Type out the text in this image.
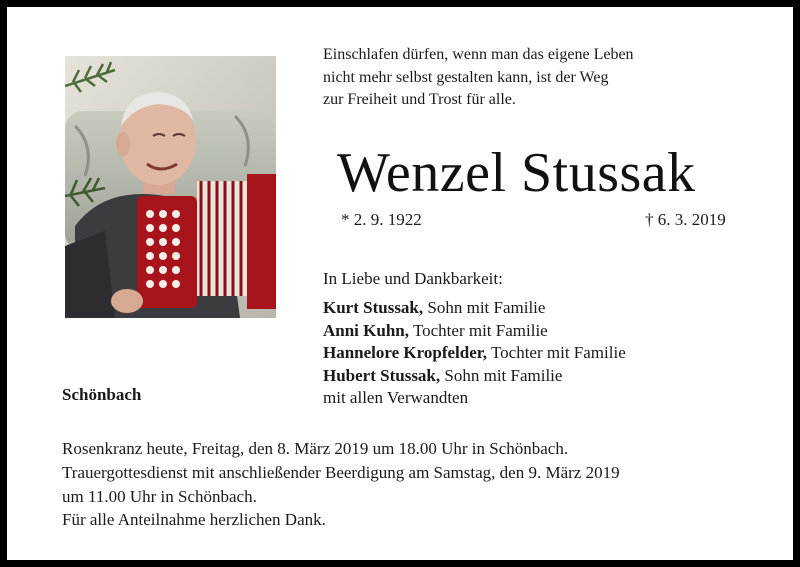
Einschlafen dürfen, wenn man das eigene Leben
nicht mehr selbst gestalten kann, ist der Weg
zur Freiheit und Trost für alle.
Wenzel Stussak
* 2. 9. 1922	† 6. 3. 2019
In Liebe und Dankbarkeit:
Kurt Stussak, Sohn mit Familie
Anni Kuhn, Tochter mit Familie
Hannelore Kropfelder, Tochter mit Familie
Hubert Stussak, Sohn mit Familie
mit allen Verwandten
Schönbach
Rosenkranz heute, Freitag, den 8. März 2019 um 18.00 Uhr in Schönbach.
Trauergottesdienst mit anschließender Beerdigung am Samstag, den 9. März 2019
um 11.00 Uhr in Schönbach.
Für alle Anteilnahme herzlichen Dank.
